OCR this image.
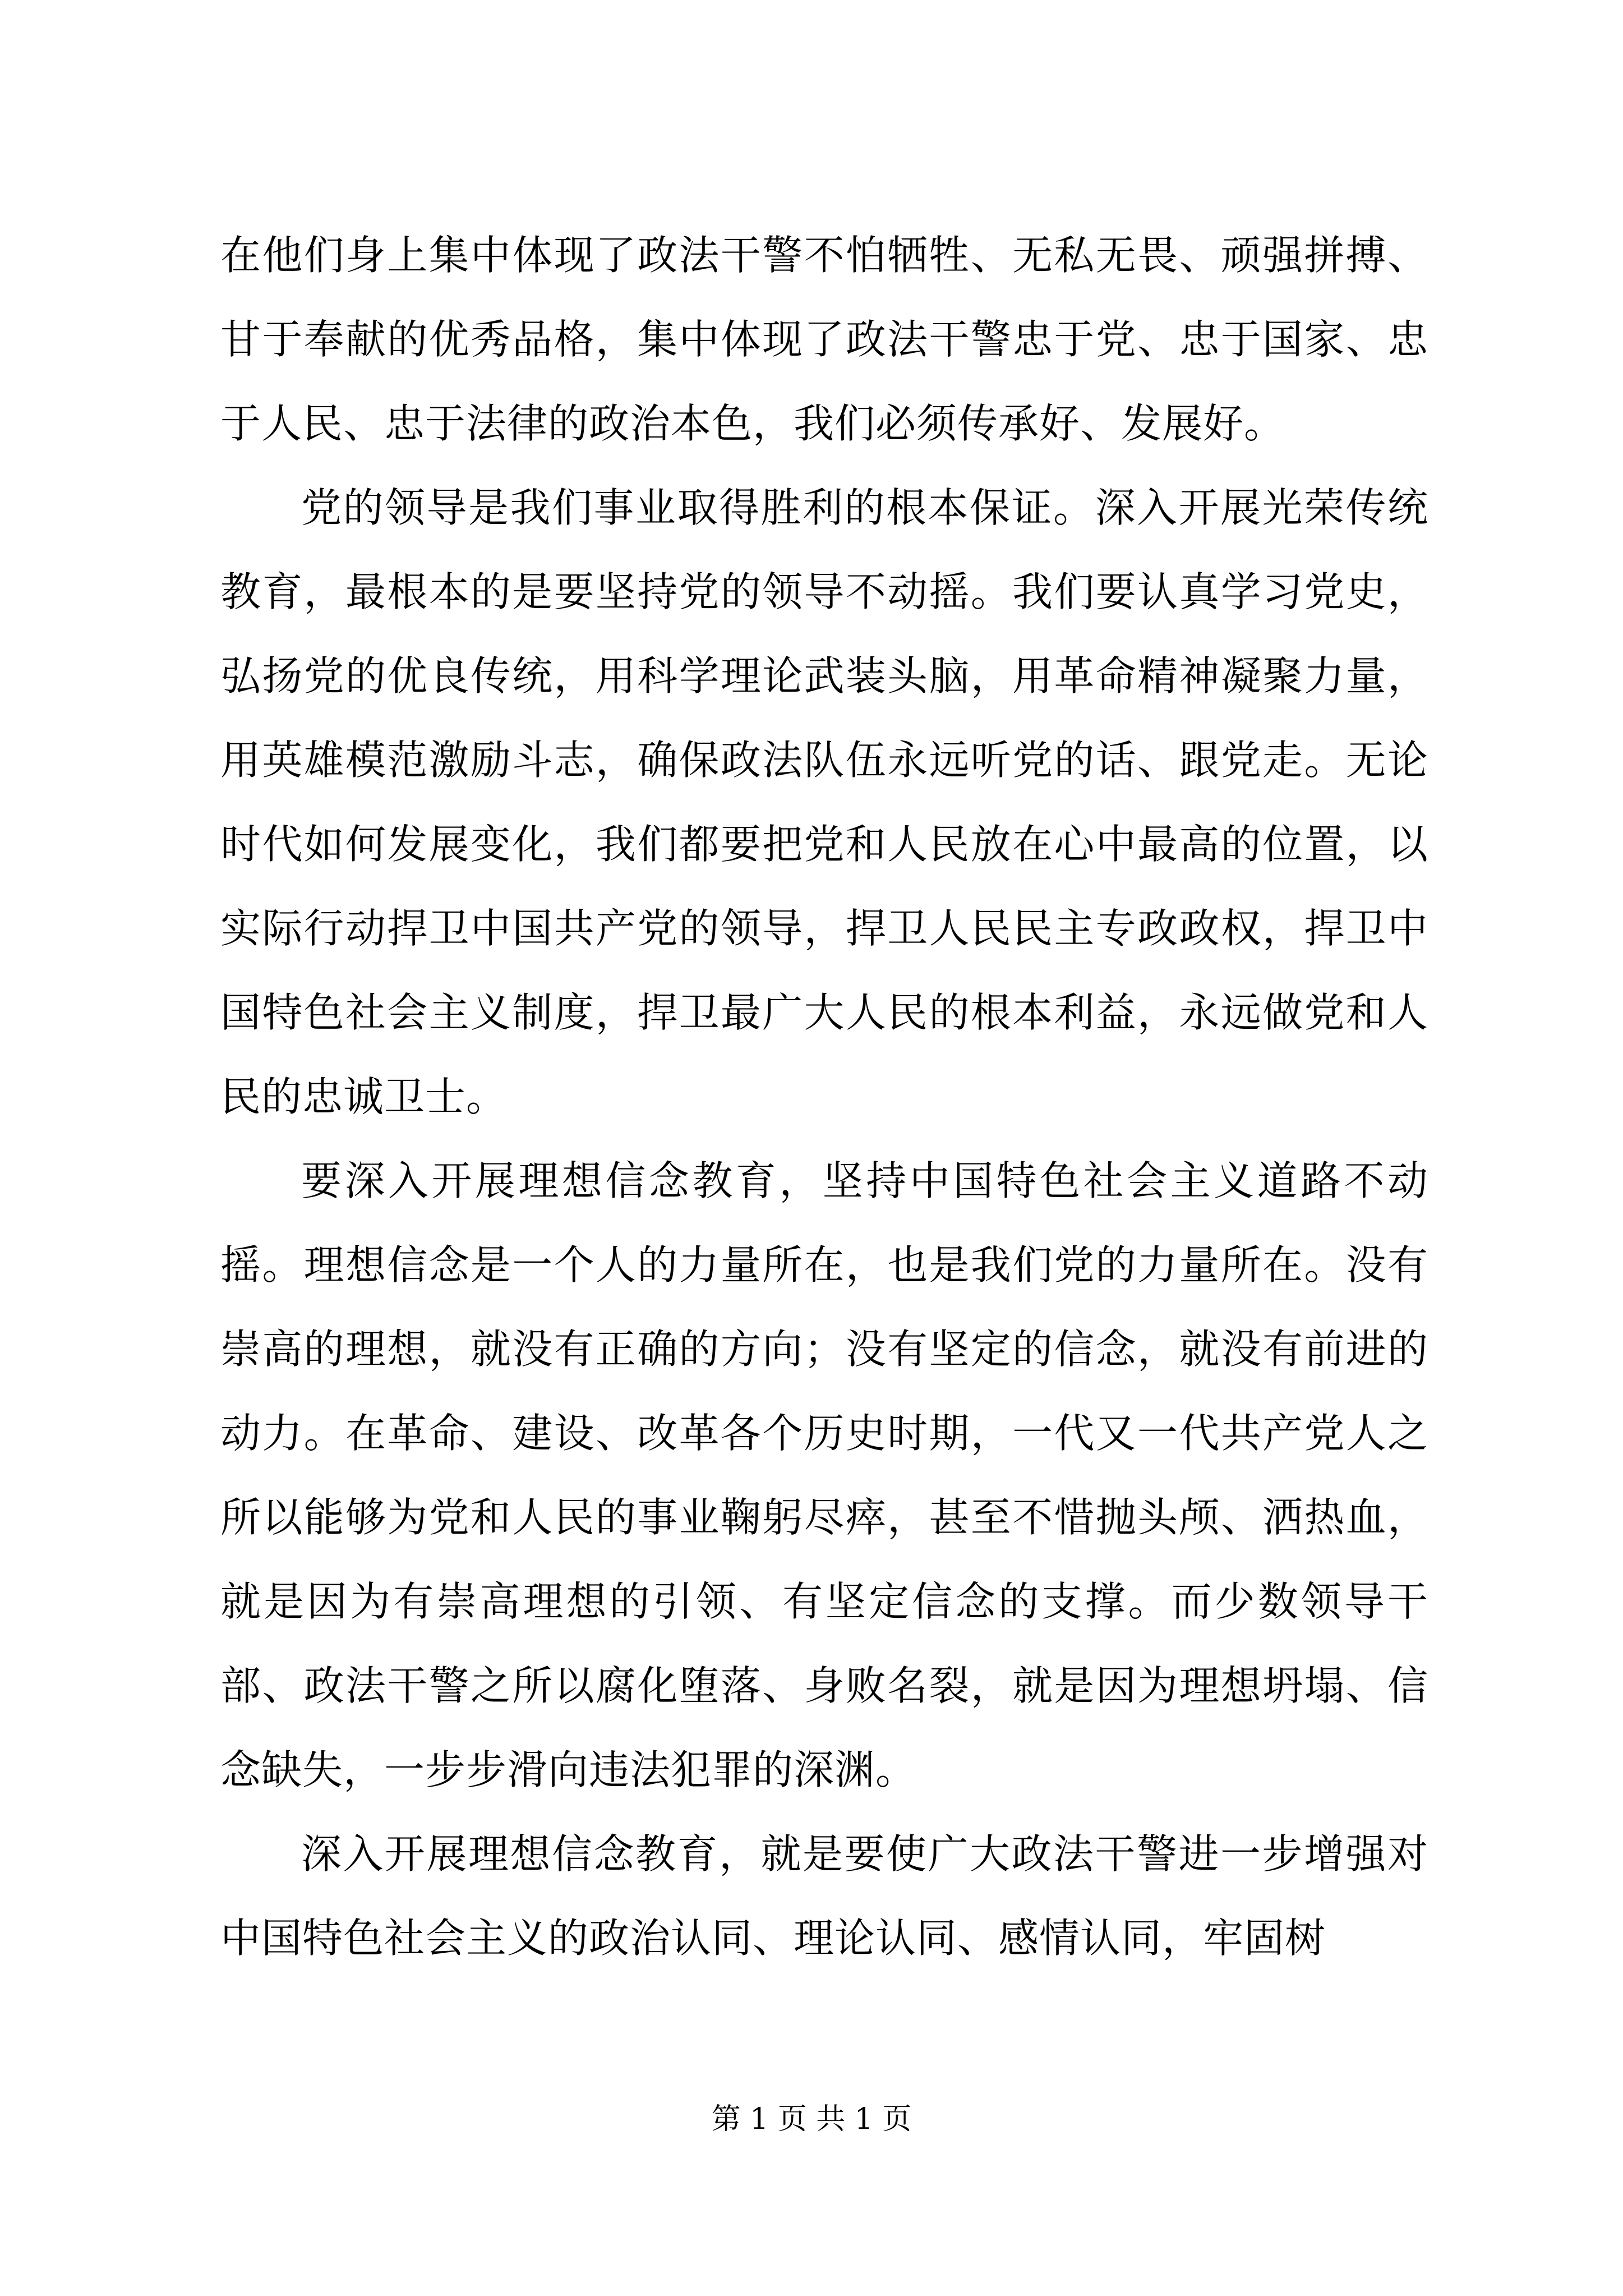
在他们身上集中体现了政法干警不怕牺牲、无私无畏、顽强拼搏、甘于奉献的优秀品格，集中体现了政法干警忠于党、忠于国家、忠于人民、忠于法律的政治本色，我们必须传承好、发展好。

党的领导是我们事业取得胜利的根本保证。深入开展光荣传统教育，最根本的是要坚持党的领导不动摇。我们要认真学习党史，弘扬党的优良传统，用科学理论武装头脑，用革命精神凝聚力量，用英雄模范激励斗志，确保政法队伍永远听党的话、跟党走。无论时代如何发展变化，我们都要把党和人民放在心中最高的位置，以实际行动捍卫中国共产党的领导，捍卫人民民主专政政权，捍卫中国特色社会主义制度，捍卫最广大人民的根本利益，永远做党和人民的忠诚卫士。

要深入开展理想信念教育，坚持中国特色社会主义道路不动摇。理想信念是一个人的力量所在，也是我们党的力量所在。没有崇高的理想，就没有正确的方向；没有坚定的信念，就没有前进的动力。在革命、建设、改革各个历史时期，一代又一代共产党人之所以能够为党和人民的事业鞠躬尽瘁，甚至不惜抛头颅、洒热血，就是因为有崇高理想的引领、有坚定信念的支撑。而少数领导干部、政法干警之所以腐化堕落、身败名裂，就是因为理想坍塌、信念缺失，一步步滑向违法犯罪的深渊。

深入开展理想信念教育，就是要使广大政法干警进一步增强对中国特色社会主义的政治认同、理论认同、感情认同，牢固树

第 1 页 共 1 页
